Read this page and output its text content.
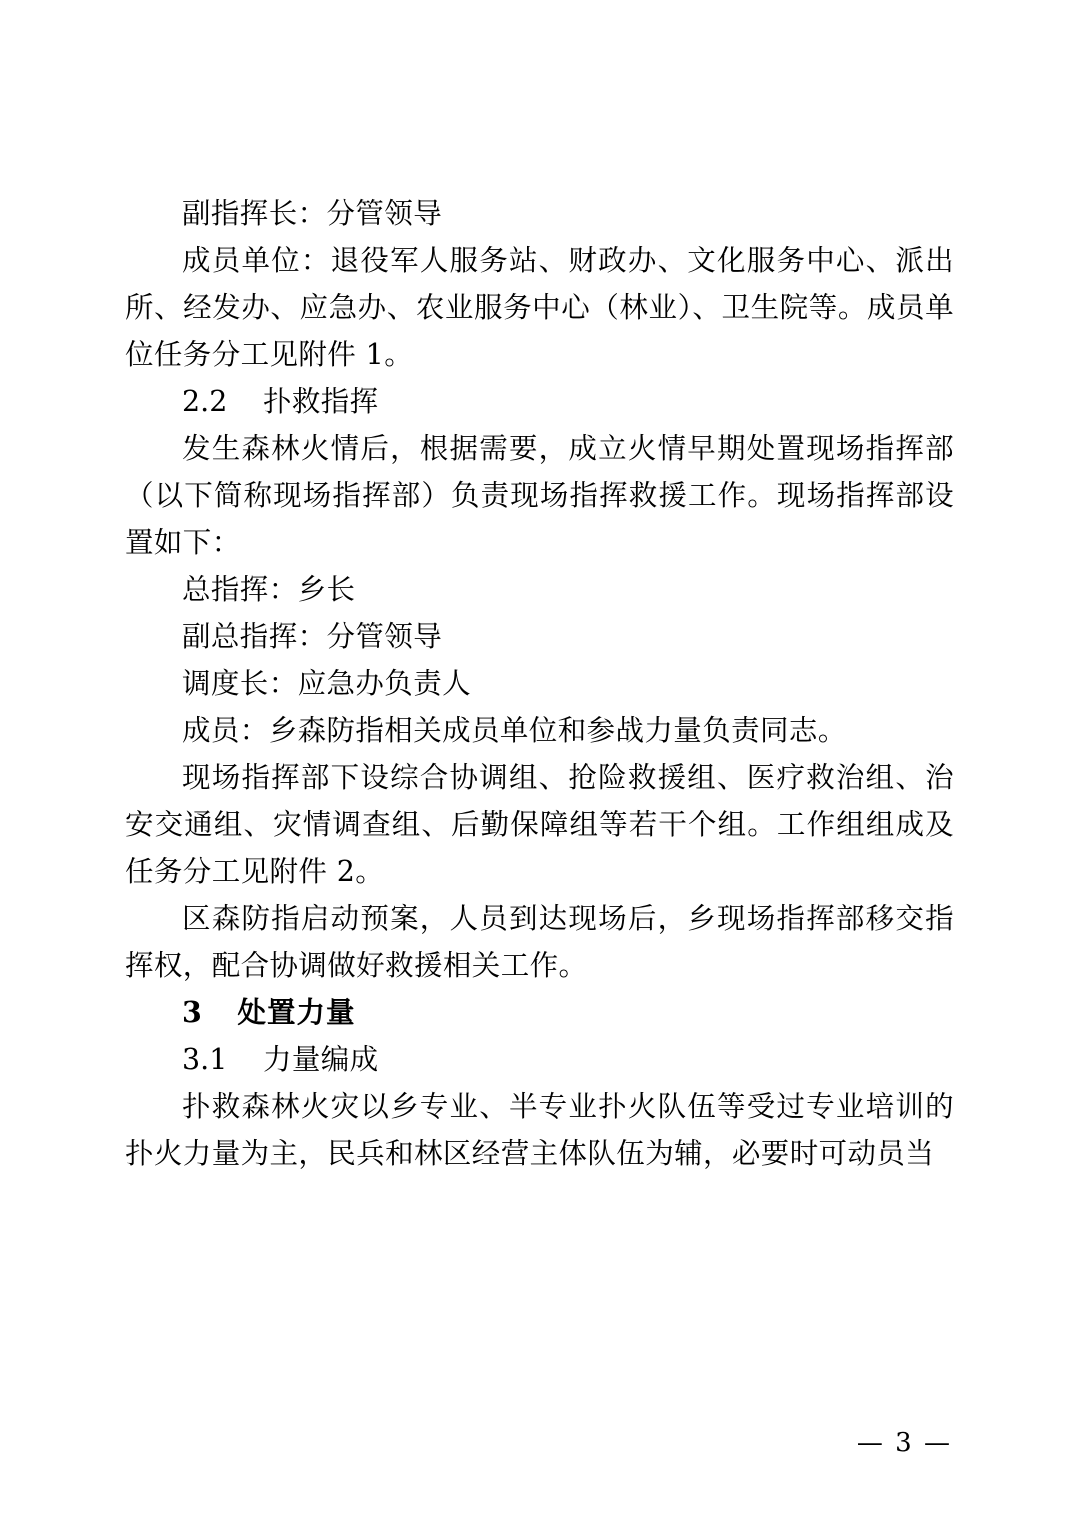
副指挥长：分管领导

成员单位：退役军人服务站、财政办、文化服务中心、派出所、经发办、应急办、农业服务中心（林业）、卫生院等。成员单位任务分工见附件 1。

2.2 扑救指挥

发生森林火情后，根据需要，成立火情早期处置现场指挥部（以下简称现场指挥部）负责现场指挥救援工作。现场指挥部设置如下：

总指挥：乡长

副总指挥：分管领导

调度长：应急办负责人

成员：乡森防指相关成员单位和参战力量负责同志。

现场指挥部下设综合协调组、抢险救援组、医疗救治组、治安交通组、灾情调查组、后勤保障组等若干个组。工作组组成及任务分工见附件 2。

区森防指启动预案，人员到达现场后，乡现场指挥部移交指挥权，配合协调做好救援相关工作。

3 处置力量

3.1 力量编成

扑救森林火灾以乡专业、半专业扑火队伍等受过专业培训的扑火力量为主，民兵和林区经营主体队伍为辅，必要时可动员当

— 3 —
